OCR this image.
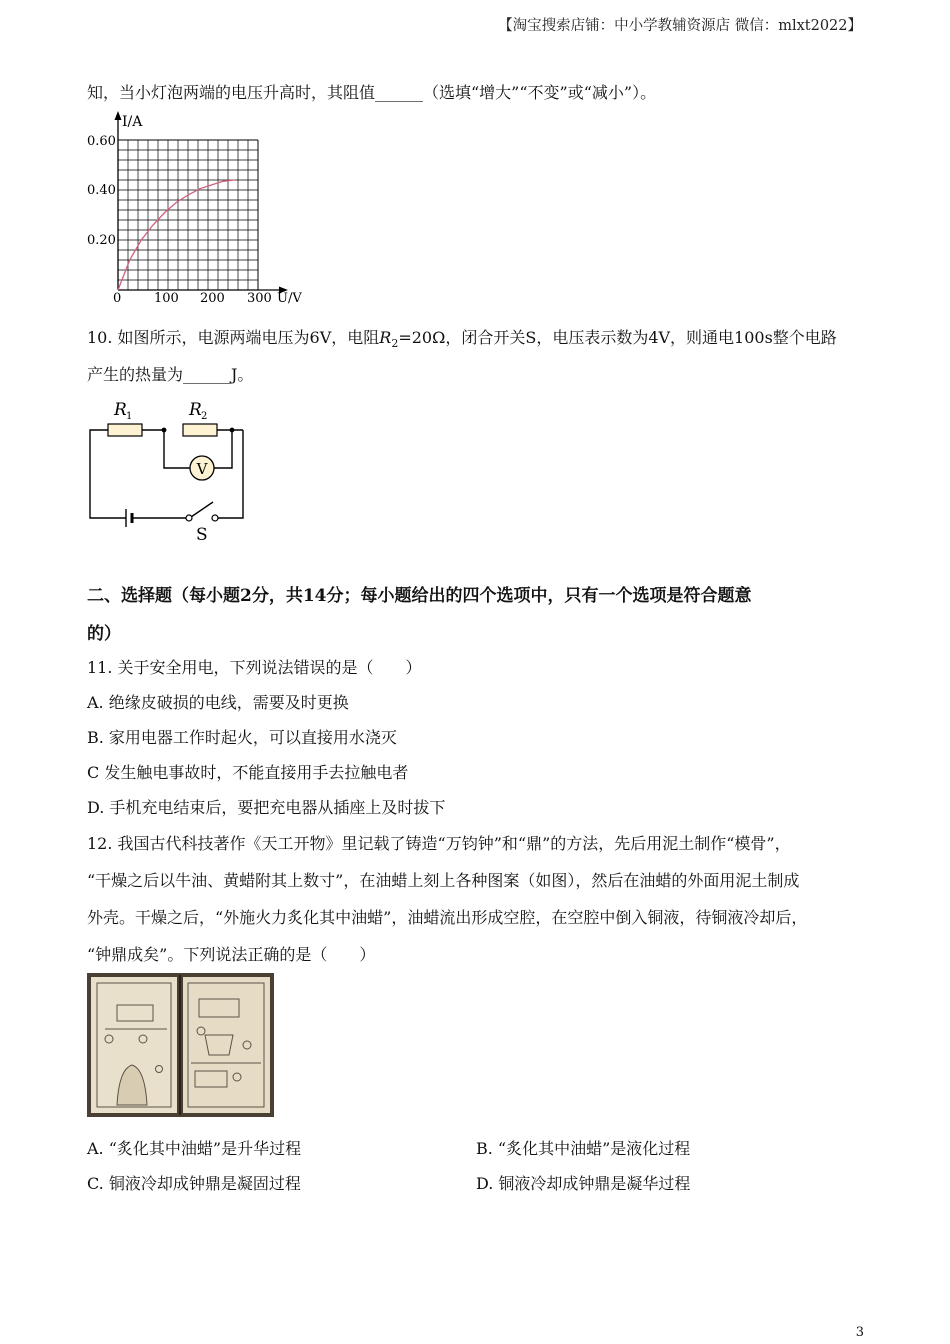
【淘宝搜索店铺：中小学教辅资源店 微信：mlxt2022】
知，当小灯泡两端的电压升高时，其阻值______（选填“增大”“不变”或“减小”）。
I/A
0.60
0.40
0.20
0	100 200 300 U/V
10. 如图所示，电源两端电压为6V，电阻$R_2=20\Omega$，闭合开关S，电压表示数为4V，则通电100s整个电路
产生的热量为______J。
R 1	R 2
V
S
二、选择题（每小题2分，共14分；每小题给出的四个选项中，只有一个选项是符合题意
的）
11. 关于安全用电，下列说法错误的是（　　）
A. 绝缘皮破损的电线，需要及时更换
B. 家用电器工作时起火，可以直接用水浇灭
C 发生触电事故时，不能直接用手去拉触电者
D. 手机充电结束后，要把充电器从插座上及时拔下
12. 我国古代科技著作《天工开物》里记载了铸造“万钧钟”和“鼎”的方法，先后用泥土制作“模骨”，
“干燥之后以牛油、黄蜡附其上数寸”，在油蜡上刻上各种图案（如图），然后在油蜡的外面用泥土制成
外壳。干燥之后，“外施火力炙化其中油蜡”，油蜡流出形成空腔，在空腔中倒入铜液，待铜液冷却后，
“钟鼎成矣”。下列说法正确的是（　　）
A. “炙化其中油蜡”是升华过程	B. “炙化其中油蜡”是液化过程
C. 铜液冷却成钟鼎是凝固过程	D. 铜液冷却成钟鼎是凝华过程
3
